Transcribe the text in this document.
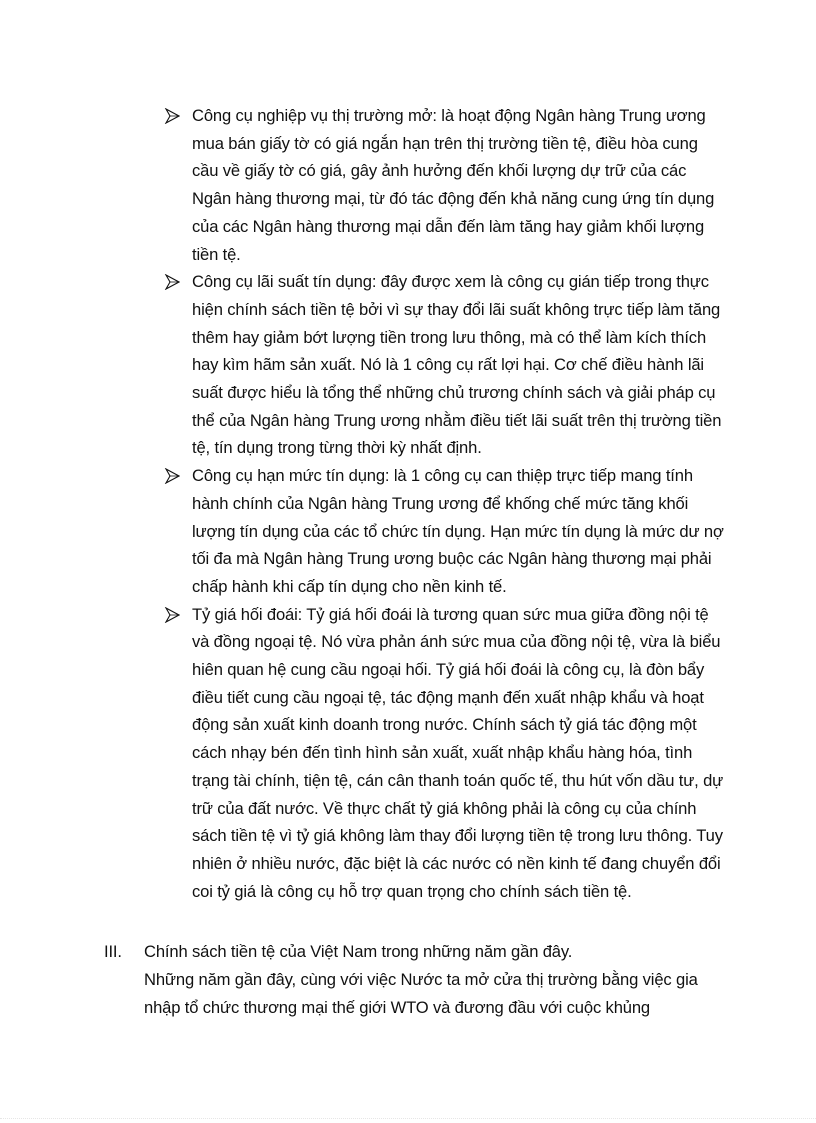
Công cụ nghiệp vụ thị trường mở: là hoạt động Ngân hàng Trung ương mua bán giấy tờ có giá ngắn hạn trên thị trường tiền tệ, điều hòa cung cầu về giấy tờ có giá, gây ảnh hưởng đến khối lượng dự trữ của các Ngân hàng thương mại, từ đó tác động đến khả năng cung ứng tín dụng của các Ngân hàng thương mại dẫn đến làm tăng hay giảm khối lượng tiền tệ.
Công cụ lãi suất tín dụng: đây được xem là công cụ gián tiếp trong thực hiện chính sách tiền tệ bởi vì sự thay đổi lãi suất không trực tiếp làm tăng thêm hay giảm bớt lượng tiền trong lưu thông, mà có thể làm kích thích hay kìm hãm sản xuất. Nó là 1 công cụ rất lợi hại. Cơ chế điều hành lãi suất được hiểu là tổng thể những chủ trương chính sách và giải pháp cụ thể của Ngân hàng Trung ương nhằm điều tiết lãi suất trên thị trường tiền tệ, tín dụng trong từng thời kỳ nhất định.
Công cụ hạn mức tín dụng: là 1 công cụ can thiệp trực tiếp mang tính hành chính của Ngân hàng Trung ương để khống chế mức tăng khối lượng tín dụng của các tổ chức tín dụng. Hạn mức tín dụng là mức dư nợ tối đa mà Ngân hàng Trung ương buộc các Ngân hàng thương mại phải chấp hành khi cấp tín dụng cho nền kinh tế.
Tỷ giá hối đoái: Tỷ giá hối đoái là tương quan sức mua giữa đồng nội tệ và đồng ngoại tệ. Nó vừa phản ánh sức mua của đồng nội tệ, vừa là biểu hiên quan hệ cung cầu ngoại hối. Tỷ giá hối đoái là công cụ, là đòn bẩy điều tiết cung cầu ngoại tệ, tác động mạnh đến xuất nhập khẩu và hoạt động sản xuất kinh doanh trong nước. Chính sách tỷ giá tác động một cách nhạy bén đến tình hình sản xuất, xuất nhập khẩu hàng hóa, tình trạng tài chính, tiện tệ, cán cân thanh toán quốc tế, thu hút vốn dầu tư, dự trữ của đất nước. Về thực chất tỷ giá không phải là công cụ của chính sách tiền tệ vì tỷ giá không làm thay đổi lượng tiền tệ trong lưu thông. Tuy nhiên ở nhiều nước, đặc biệt là các nước có nền kinh tế đang chuyển đổi coi tỷ giá là công cụ hỗ trợ quan trọng cho chính sách tiền tệ.
III. Chính sách tiền tệ của Việt Nam trong những năm gần đây.
Những năm gần đây, cùng với việc Nước ta mở cửa thị trường bằng việc gia nhập tổ chức thương mại thế giới WTO và đương đầu với cuộc khủng
